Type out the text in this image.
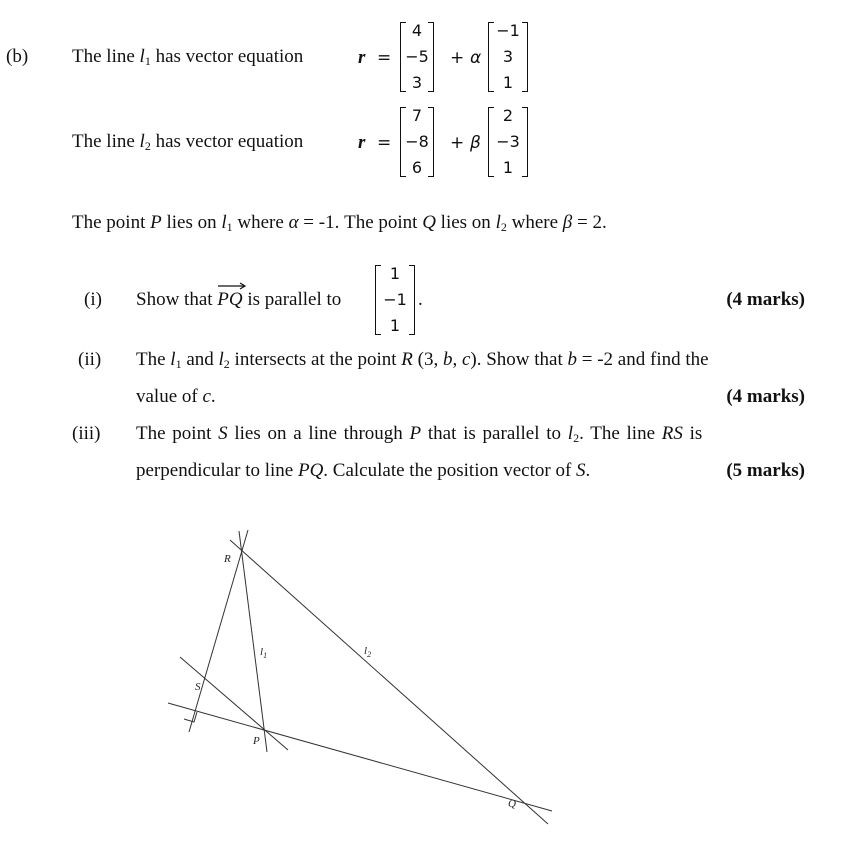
(b) The line $l_1$ has vector equation	r =
4
−5
3
+ α
−1
3
1
The line $l_2$ has vector equation	r =
7
−8
6
+ β
2
−3
1
The point P lies on $l_1$ where α = -1. The point Q lies on $l_2$ where β = 2.
(i) Show that
PQ is parallel to
1
−1
1
.	(4 marks)
(ii) The $l_1$ and $l_2$ intersects at the point R (3, b, c). Show that b = -2 and find the
value of c.	(4 marks)
(iii) The point S lies on a line through P that is parallel to $l_2$. The line RS is
perpendicular to line PQ. Calculate the position vector of S.	(5 marks)
R
S
P
Q
$l_1$	$l_2$
